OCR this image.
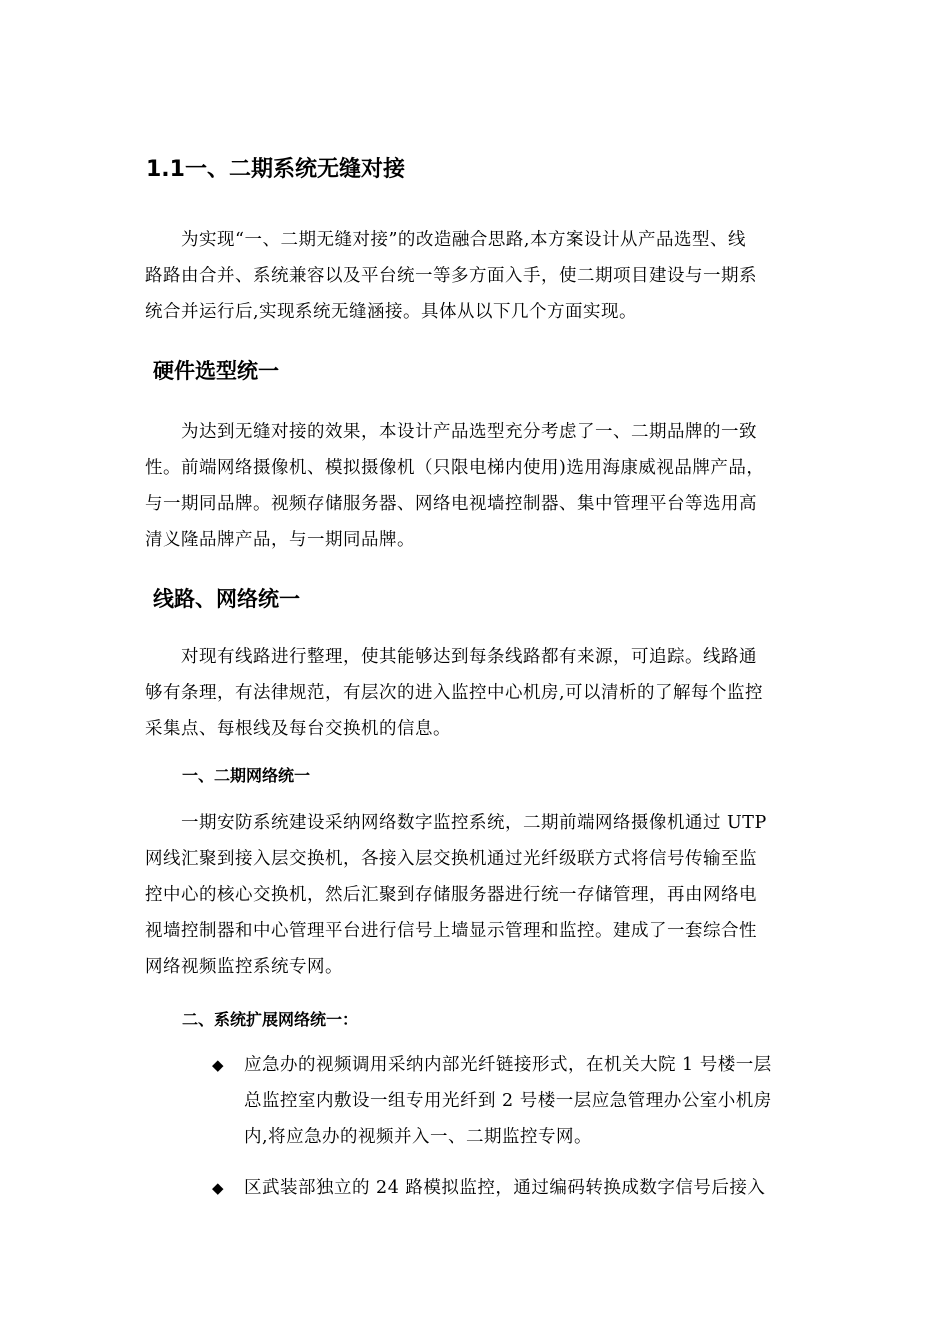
1.1一、二期系统无缝对接
为实现“一、二期无缝对接”的改造融合思路,本方案设计从产品选型、线
路路由合并、系统兼容以及平台统一等多方面入手，使二期项目建设与一期系
统合并运行后,实现系统无缝涵接。具体从以下几个方面实现。
硬件选型统一
为达到无缝对接的效果，本设计产品选型充分考虑了一、二期品牌的一致
性。前端网络摄像机、模拟摄像机（只限电梯内使用)选用海康威视品牌产品，
与一期同品牌。视频存储服务器、网络电视墙控制器、集中管理平台等选用高
清义隆品牌产品，与一期同品牌。
线路、网络统一
对现有线路进行整理，使其能够达到每条线路都有来源，可追踪。线路通
够有条理，有法律规范，有层次的进入监控中心机房,可以清析的了解每个监控
采集点、每根线及每台交换机的信息。
一、二期网络统一
一期安防系统建设采纳网络数字监控系统，二期前端网络摄像机通过 UTP
网线汇聚到接入层交换机，各接入层交换机通过光纤级联方式将信号传输至监
控中心的核心交换机，然后汇聚到存储服务器进行统一存储管理，再由网络电
视墙控制器和中心管理平台进行信号上墙显示管理和监控。建成了一套综合性
网络视频监控系统专网。
二、系统扩展网络统一：
◆ 应急办的视频调用采纳内部光纤链接形式，在机关大院 1 号楼一层
总监控室内敷设一组专用光纤到 2 号楼一层应急管理办公室小机房
内,将应急办的视频并入一、二期监控专网。
◆ 区武装部独立的 24 路模拟监控，通过编码转换成数字信号后接入
